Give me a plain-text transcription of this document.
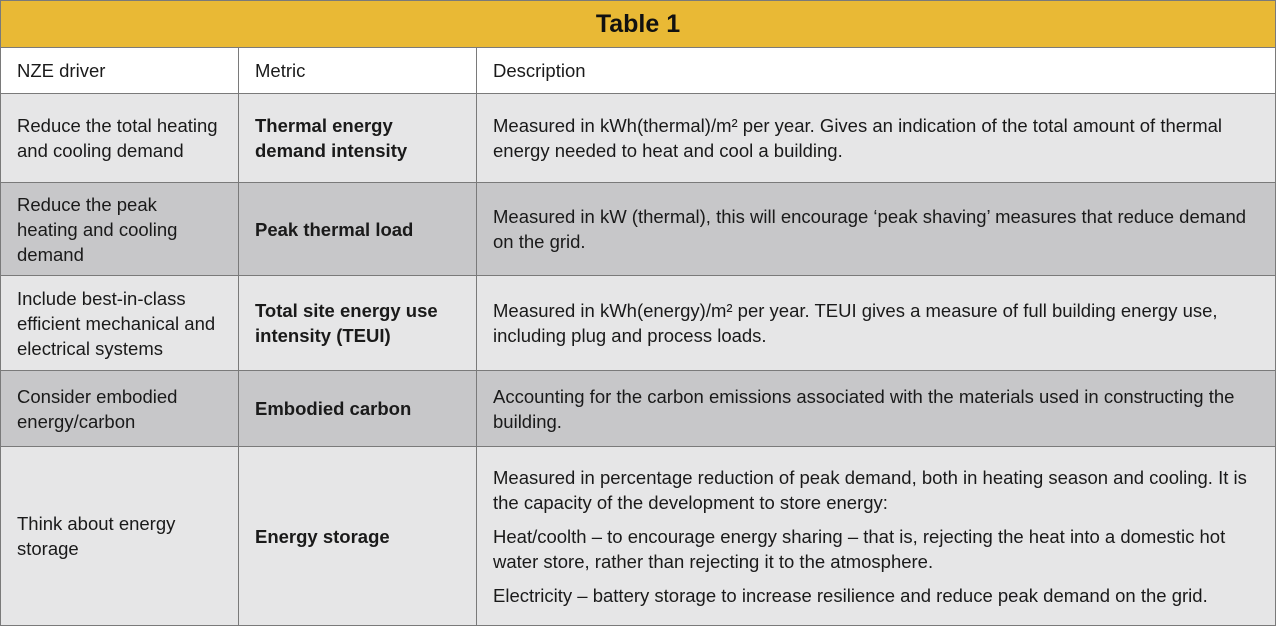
Table 1
NZE driver	Metric	Description
Reduce the total heating and cooling demand
Thermal energy demand intensity
Measured in kWh(thermal)/m² per year. Gives an indication of the total amount of thermal energy needed to heat and cool a building.
Reduce the peak heating and cooling demand
Peak thermal load
Measured in kW (thermal), this will encourage ‘peak shaving’ measures that reduce demand on the grid.
Include best-in-class efficient mechanical and electrical systems
Total site energy use intensity (TEUI)
Measured in kWh(energy)/m² per year. TEUI gives a measure of full building energy use, including plug and process loads.
Consider embodied energy/carbon
Embodied carbon
Accounting for the carbon emissions associated with the materials used in constructing the building.
Think about energy storage
Energy storage
Measured in percentage reduction of peak demand, both in heating season and cooling. It is the capacity of the development to store energy:
Heat/coolth – to encourage energy sharing – that is, rejecting the heat into a domestic hot water store, rather than rejecting it to the atmosphere.
Electricity – battery storage to increase resilience and reduce peak demand on the grid.
